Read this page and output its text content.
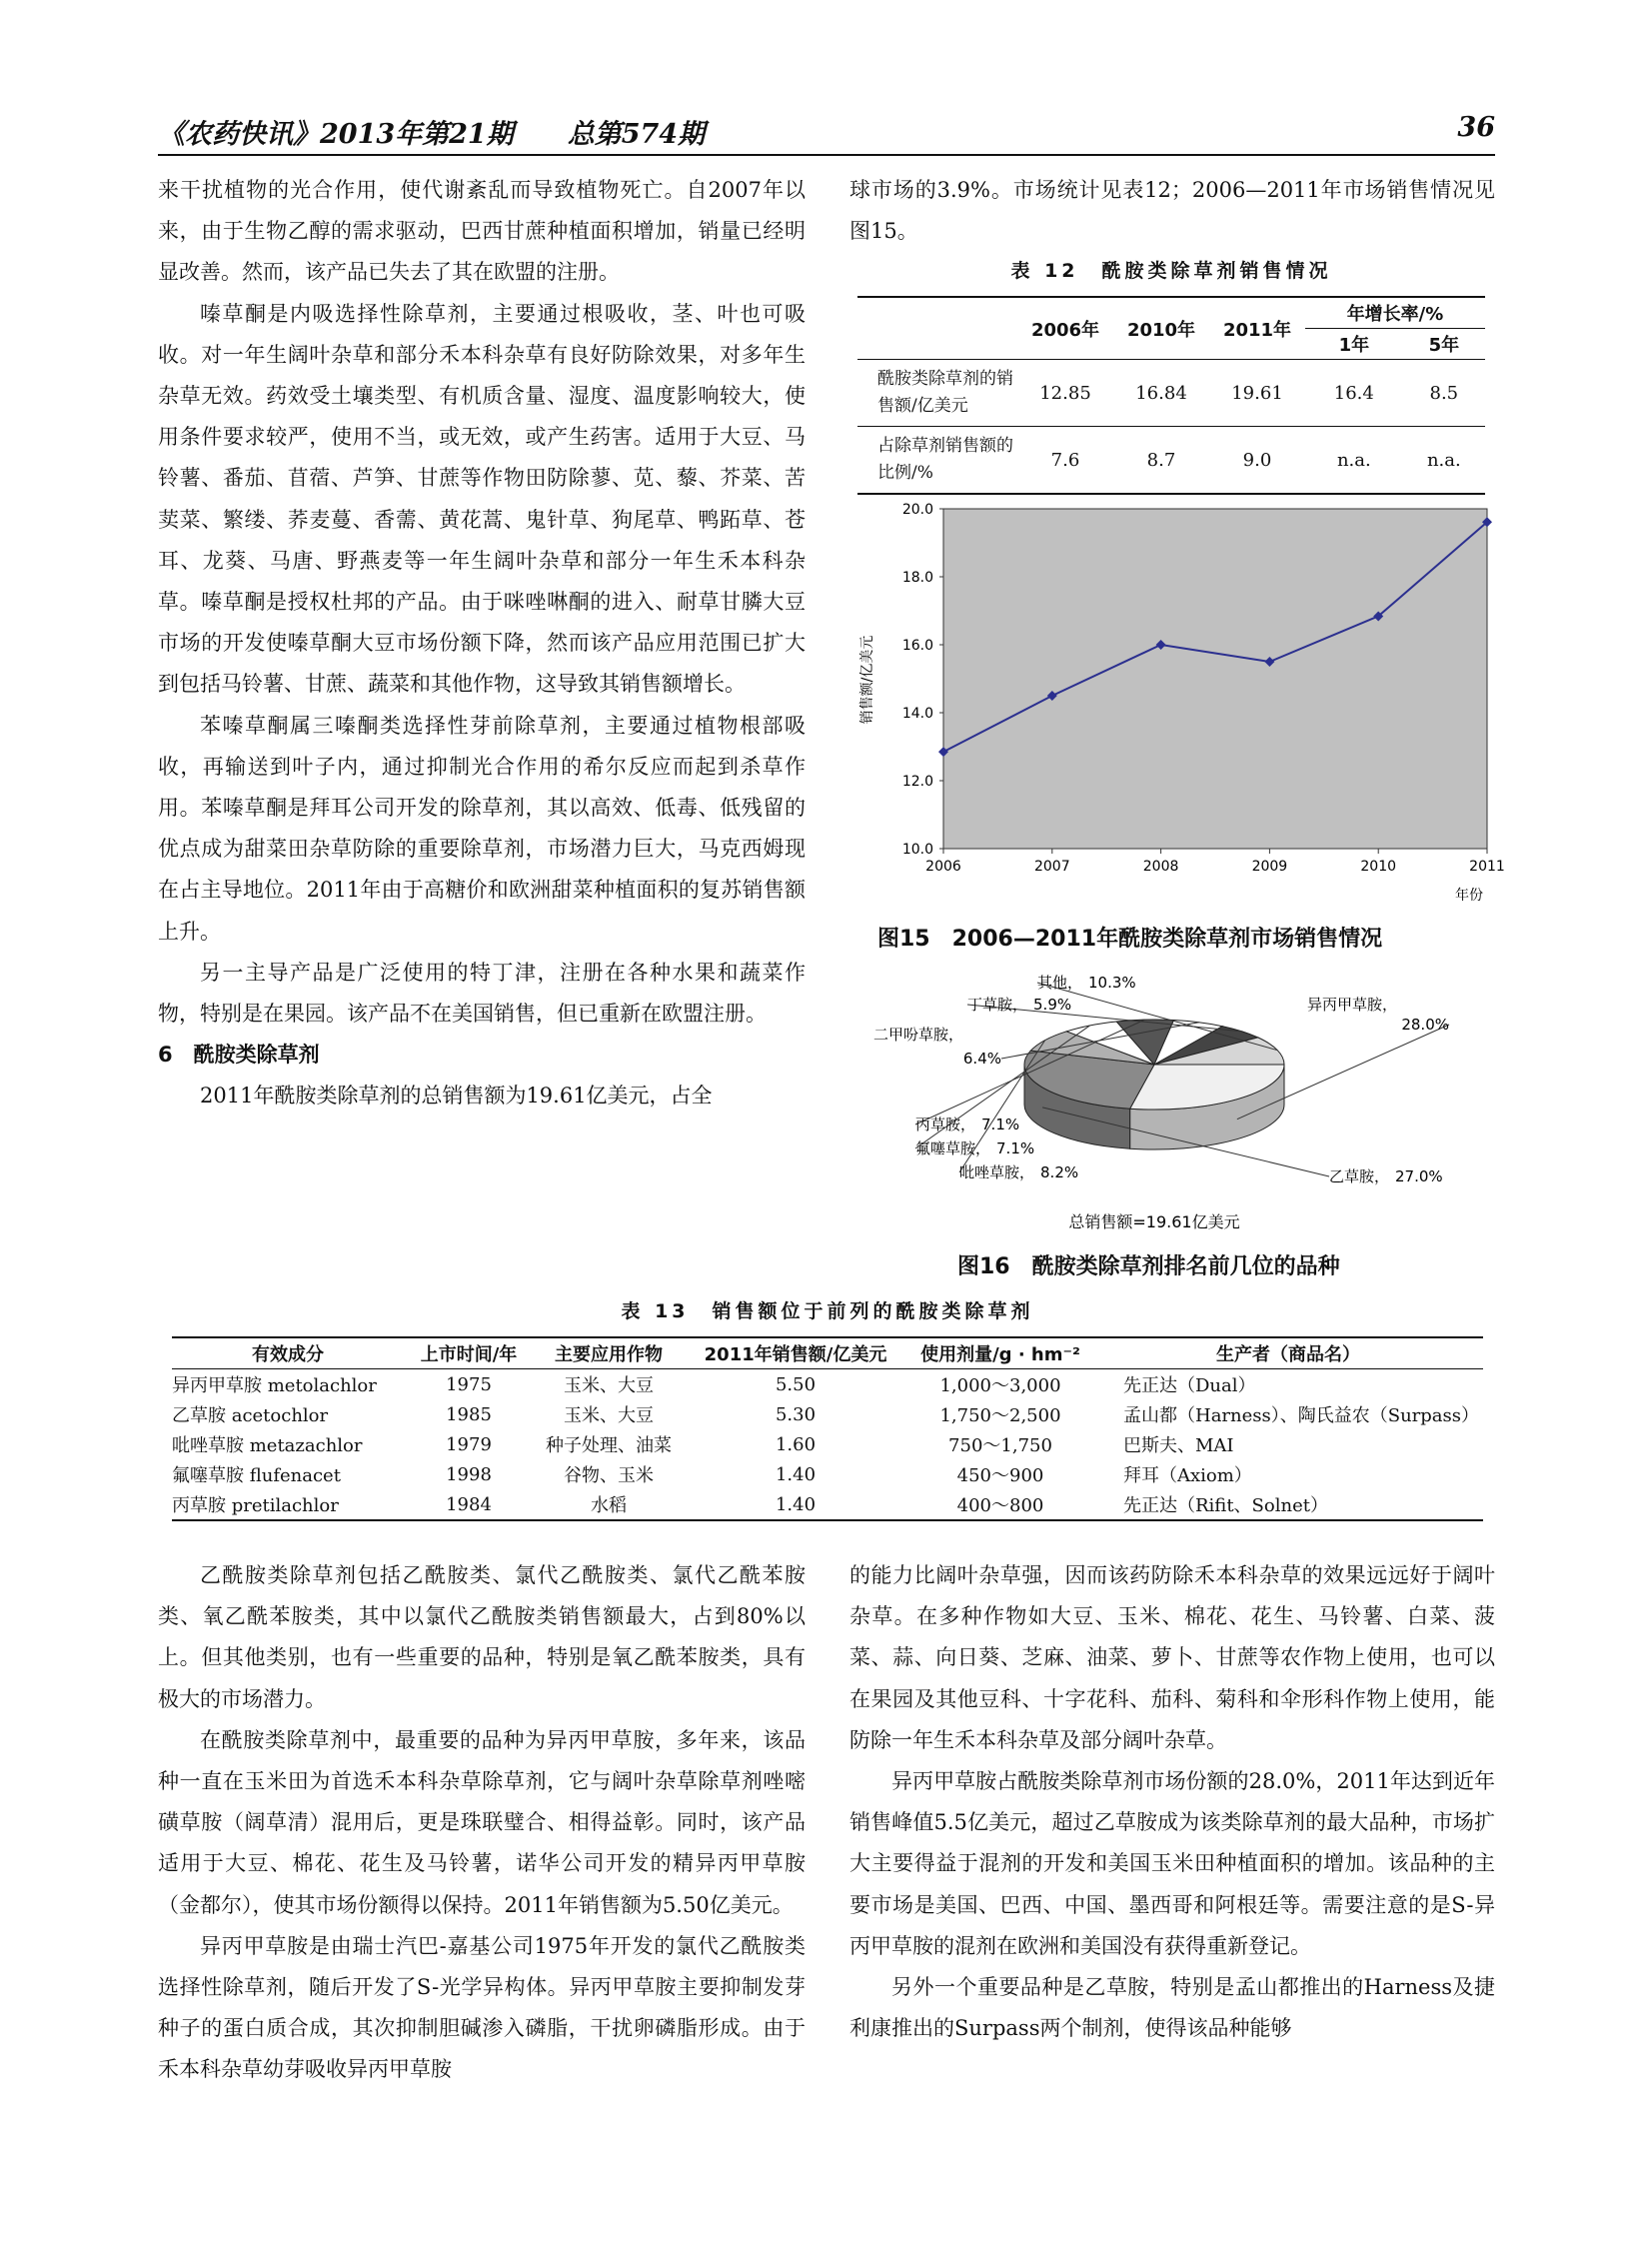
《农药快讯》2013年第21期　　总第574期	36

来干扰植物的光合作用，使代谢紊乱而导致植物死亡。自2007年以来，由于生物乙醇的需求驱动，巴西甘蔗种植面积增加，销量已经明显改善。然而，该产品已失去了其在欧盟的注册。

嗪草酮是内吸选择性除草剂，主要通过根吸收，茎、叶也可吸收。对一年生阔叶杂草和部分禾本科杂草有良好防除效果，对多年生杂草无效。药效受土壤类型、有机质含量、湿度、温度影响较大，使用条件要求较严，使用不当，或无效，或产生药害。适用于大豆、马铃薯、番茄、苜蓿、芦笋、甘蔗等作物田防除蓼、苋、藜、芥菜、苦荬菜、繁缕、荞麦蔓、香薷、黄花蒿、鬼针草、狗尾草、鸭跖草、苍耳、龙葵、马唐、野燕麦等一年生阔叶杂草和部分一年生禾本科杂草。嗪草酮是授权杜邦的产品。由于咪唑啉酮的进入、耐草甘膦大豆市场的开发使嗪草酮大豆市场份额下降，然而该产品应用范围已扩大到包括马铃薯、甘蔗、蔬菜和其他作物，这导致其销售额增长。

苯嗪草酮属三嗪酮类选择性芽前除草剂，主要通过植物根部吸收，再输送到叶子内，通过抑制光合作用的希尔反应而起到杀草作用。苯嗪草酮是拜耳公司开发的除草剂，其以高效、低毒、低残留的优点成为甜菜田杂草防除的重要除草剂，市场潜力巨大，马克西姆现在占主导地位。2011年由于高糖价和欧洲甜菜种植面积的复苏销售额上升。

另一主导产品是广泛使用的特丁津，注册在各种水果和蔬菜作物，特别是在果园。该产品不在美国销售，但已重新在欧盟注册。

6　酰胺类除草剂

2011年酰胺类除草剂的总销售额为19.61亿美元，占全

球市场的3.9%。市场统计见表12；2006—2011年市场销售情况见图15。

表 12　酰胺类除草剂销售情况
	2006年	2010年	2011年	年增长率/%	
				1年	5年
酰胺类除草剂的销售额/亿美元	12.85	16.84	19.61	16.4	8.5
占除草剂销售额的比例/%	7.6	8.7	9.0	n.a.	n.a.
10.0
12.0
14.0
16.0
18.0
20.0
2006	2007	2008	2009	2010	2011
销售额/亿美元
年份
图15　2006—2011年酰胺类除草剂市场销售情况
异丙甲草胺，28.0%
乙草胺， 27.0%
吡唑草胺， 8.2%
氟噻草胺， 7.1%
丙草胺， 7.1%
二甲吩草胺，6.4%
丁草胺， 5.9%
其他， 10.3%
总销售额=19.61亿美元
图16　酰胺类除草剂排名前几位的品种
表 13　销售额位于前列的酰胺类除草剂
有效成分	上市时间/年	主要应用作物	2011年销售额/亿美元	使用剂量/g · hm⁻²	生产者（商品名）
异丙甲草胺 metolachlor	1975	玉米、大豆	5.50	1,000～3,000	先正达（Dual）
乙草胺 acetochlor	1985	玉米、大豆	5.30	1,750～2,500	孟山都（Harness）、陶氏益农（Surpass）
吡唑草胺 metazachlor	1979	种子处理、油菜	1.60	750～1,750	巴斯夫、MAI
氟噻草胺 flufenacet	1998	谷物、玉米	1.40	450～900	拜耳（Axiom）
丙草胺 pretilachlor	1984	水稻	1.40	400～800	先正达（Rifit、Solnet）

乙酰胺类除草剂包括乙酰胺类、氯代乙酰胺类、氯代乙酰苯胺类、氧乙酰苯胺类，其中以氯代乙酰胺类销售额最大，占到80%以上。但其他类别，也有一些重要的品种，特别是氧乙酰苯胺类，具有极大的市场潜力。

在酰胺类除草剂中，最重要的品种为异丙甲草胺，多年来，该品种一直在玉米田为首选禾本科杂草除草剂，它与阔叶杂草除草剂唑嘧磺草胺（阔草清）混用后，更是珠联璧合、相得益彰。同时，该产品适用于大豆、棉花、花生及马铃薯，诺华公司开发的精异丙甲草胺（金都尔），使其市场份额得以保持。2011年销售额为5.50亿美元。

异丙甲草胺是由瑞士汽巴-嘉基公司1975年开发的氯代乙酰胺类选择性除草剂，随后开发了S-光学异构体。异丙甲草胺主要抑制发芽种子的蛋白质合成，其次抑制胆碱渗入磷脂，干扰卵磷脂形成。由于禾本科杂草幼芽吸收异丙甲草胺

的能力比阔叶杂草强，因而该药防除禾本科杂草的效果远远好于阔叶杂草。在多种作物如大豆、玉米、棉花、花生、马铃薯、白菜、菠菜、蒜、向日葵、芝麻、油菜、萝卜、甘蔗等农作物上使用，也可以在果园及其他豆科、十字花科、茄科、菊科和伞形科作物上使用，能防除一年生禾本科杂草及部分阔叶杂草。

异丙甲草胺占酰胺类除草剂市场份额的28.0%，2011年达到近年销售峰值5.5亿美元，超过乙草胺成为该类除草剂的最大品种，市场扩大主要得益于混剂的开发和美国玉米田种植面积的增加。该品种的主要市场是美国、巴西、中国、墨西哥和阿根廷等。需要注意的是S-异丙甲草胺的混剂在欧洲和美国没有获得重新登记。

另外一个重要品种是乙草胺，特别是孟山都推出的Harness及捷利康推出的Surpass两个制剂，使得该品种能够
